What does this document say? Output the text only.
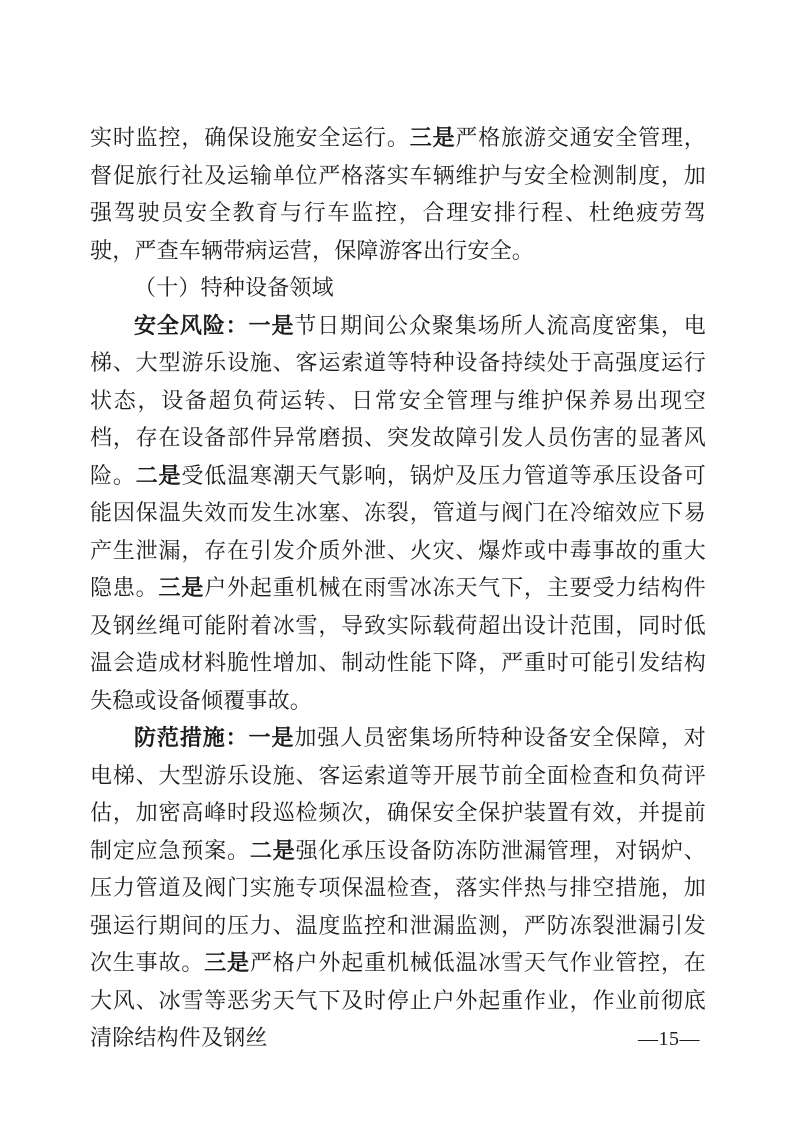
实时监控，确保设施安全运行。三是严格旅游交通安全管理，督促旅行社及运输单位严格落实车辆维护与安全检测制度，加强驾驶员安全教育与行车监控，合理安排行程、杜绝疲劳驾驶，严查车辆带病运营，保障游客出行安全。

（十）特种设备领域

安全风险：一是节日期间公众聚集场所人流高度密集，电梯、大型游乐设施、客运索道等特种设备持续处于高强度运行状态，设备超负荷运转、日常安全管理与维护保养易出现空档，存在设备部件异常磨损、突发故障引发人员伤害的显著风险。二是受低温寒潮天气影响，锅炉及压力管道等承压设备可能因保温失效而发生冰塞、冻裂，管道与阀门在冷缩效应下易产生泄漏，存在引发介质外泄、火灾、爆炸或中毒事故的重大隐患。三是户外起重机械在雨雪冰冻天气下，主要受力结构件及钢丝绳可能附着冰雪，导致实际载荷超出设计范围，同时低温会造成材料脆性增加、制动性能下降，严重时可能引发结构失稳或设备倾覆事故。

防范措施：一是加强人员密集场所特种设备安全保障，对电梯、大型游乐设施、客运索道等开展节前全面检查和负荷评估，加密高峰时段巡检频次，确保安全保护装置有效，并提前制定应急预案。二是强化承压设备防冻防泄漏管理，对锅炉、压力管道及阀门实施专项保温检查，落实伴热与排空措施，加强运行期间的压力、温度监控和泄漏监测，严防冻裂泄漏引发次生事故。三是严格户外起重机械低温冰雪天气作业管控，在大风、冰雪等恶劣天气下及时停止户外起重作业，作业前彻底清除结构件及钢丝	—15—
